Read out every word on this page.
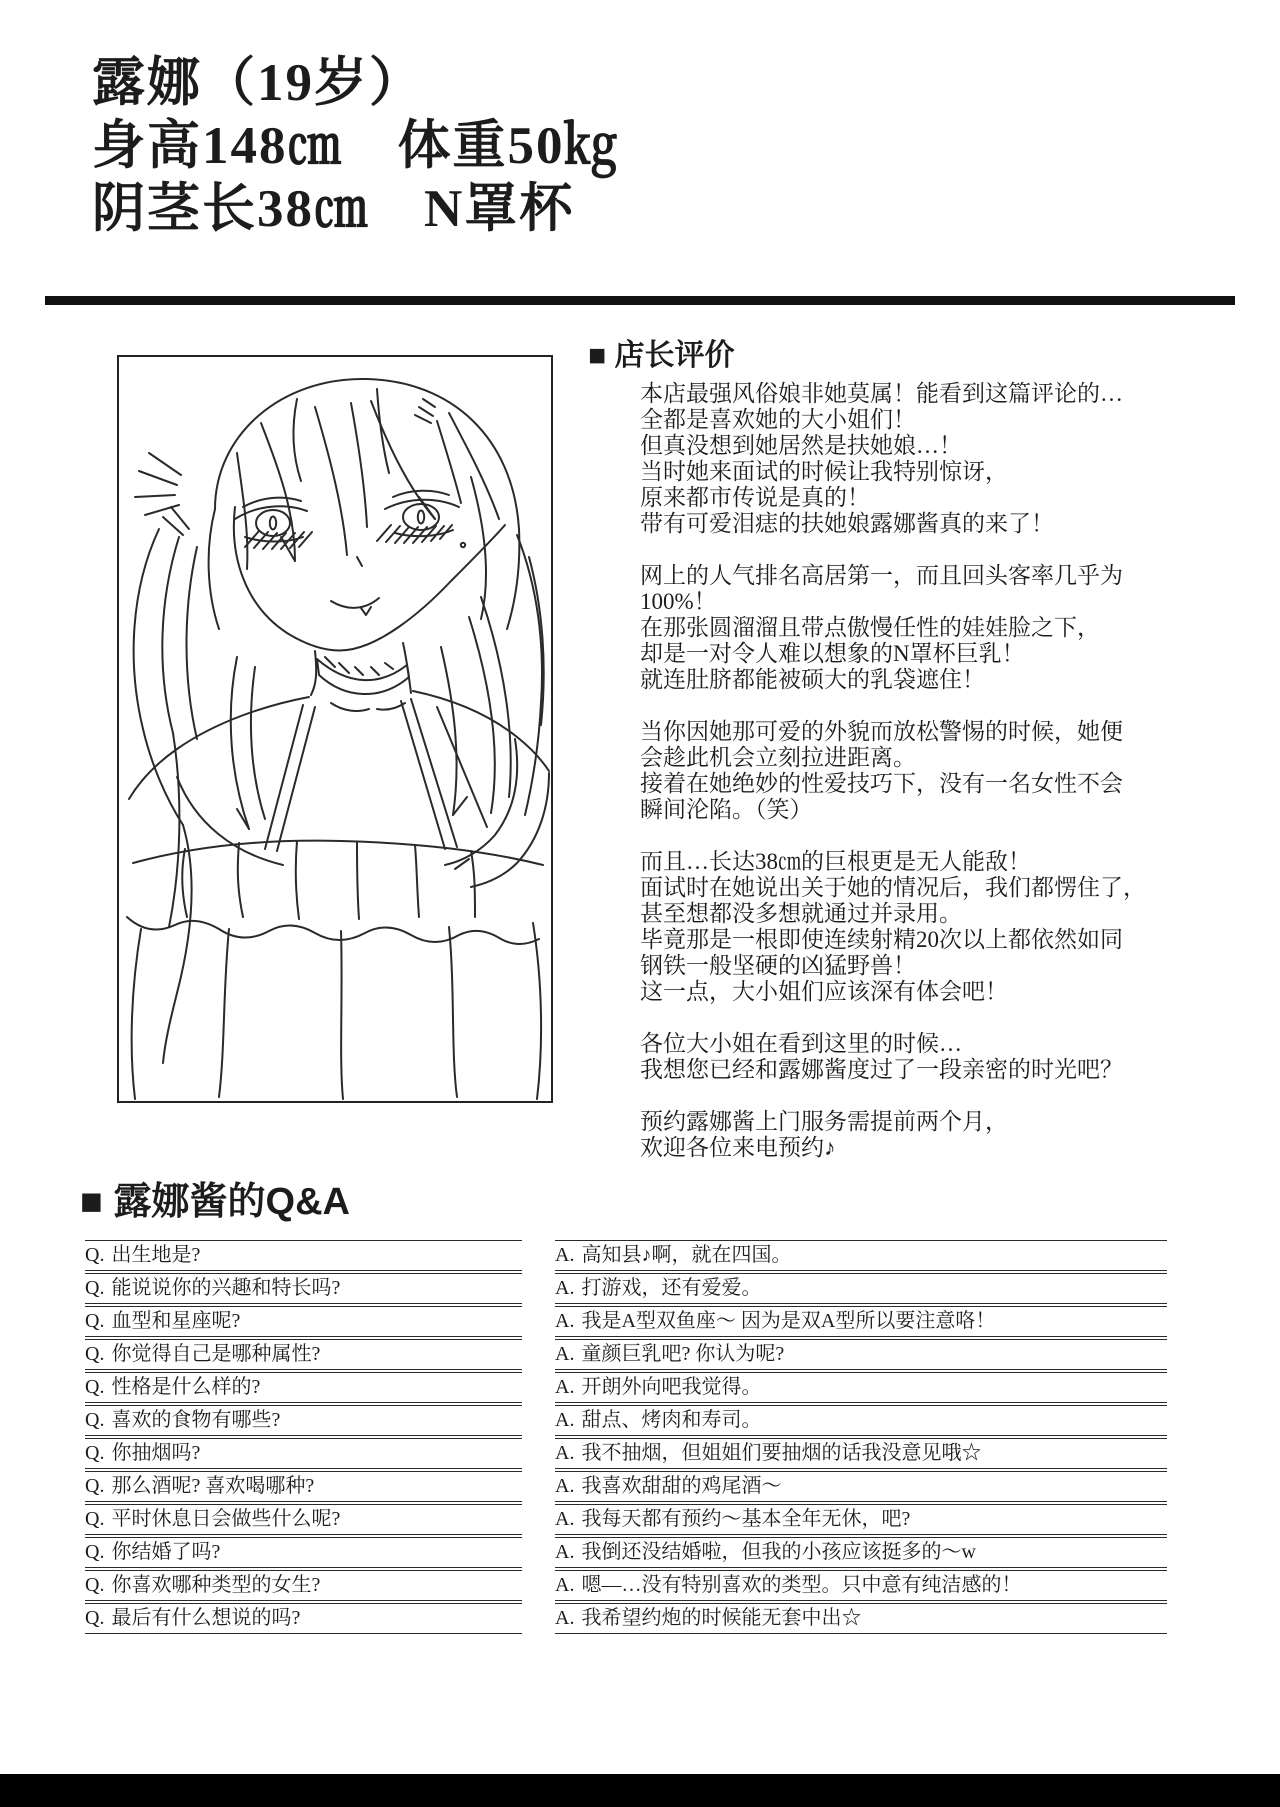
露娜（19岁）
身高148㎝　体重50㎏
阴茎长38㎝　N罩杯
■ 店长评价

本店最强风俗娘非她莫属！能看到这篇评论的…
全都是喜欢她的大小姐们！
但真没想到她居然是扶她娘…！
当时她来面试的时候让我特别惊讶，
原来都市传说是真的！
带有可爱泪痣的扶她娘露娜酱真的来了！

网上的人气排名高居第一，而且回头客率几乎为
100%！
在那张圆溜溜且带点傲慢任性的娃娃脸之下，
却是一对令人难以想象的N罩杯巨乳！
就连肚脐都能被硕大的乳袋遮住！

当你因她那可爱的外貌而放松警惕的时候，她便
会趁此机会立刻拉进距离。
接着在她绝妙的性爱技巧下，没有一名女性不会
瞬间沦陷。（笑）

而且…长达38㎝的巨根更是无人能敌！
面试时在她说出关于她的情况后，我们都愣住了，
甚至想都没多想就通过并录用。
毕竟那是一根即使连续射精20次以上都依然如同
钢铁一般坚硬的凶猛野兽！
这一点，大小姐们应该深有体会吧！

各位大小姐在看到这里的时候…
我想您已经和露娜酱度过了一段亲密的时光吧？

预约露娜酱上门服务需提前两个月，
欢迎各位来电预约♪

■ 露娜酱的Q&A
Q. 出生地是?	A. 高知县♪啊，就在四国。
Q. 能说说你的兴趣和特长吗?	A. 打游戏，还有爱爱。
Q. 血型和星座呢?	A. 我是A型双鱼座～ 因为是双A型所以要注意咯！
Q. 你觉得自己是哪种属性?	A. 童颜巨乳吧? 你认为呢?
Q. 性格是什么样的?	A. 开朗外向吧我觉得。
Q. 喜欢的食物有哪些?	A. 甜点、烤肉和寿司。
Q. 你抽烟吗?	A. 我不抽烟，但姐姐们要抽烟的话我没意见哦☆
Q. 那么酒呢? 喜欢喝哪种?	A. 我喜欢甜甜的鸡尾酒～
Q. 平时休息日会做些什么呢?	A. 我每天都有预约～基本全年无休，吧?
Q. 你结婚了吗?	A. 我倒还没结婚啦，但我的小孩应该挺多的～w
Q. 你喜欢哪种类型的女生?	A. 嗯—…没有特别喜欢的类型。只中意有纯洁感的！
Q. 最后有什么想说的吗?	A. 我希望约炮的时候能无套中出☆
